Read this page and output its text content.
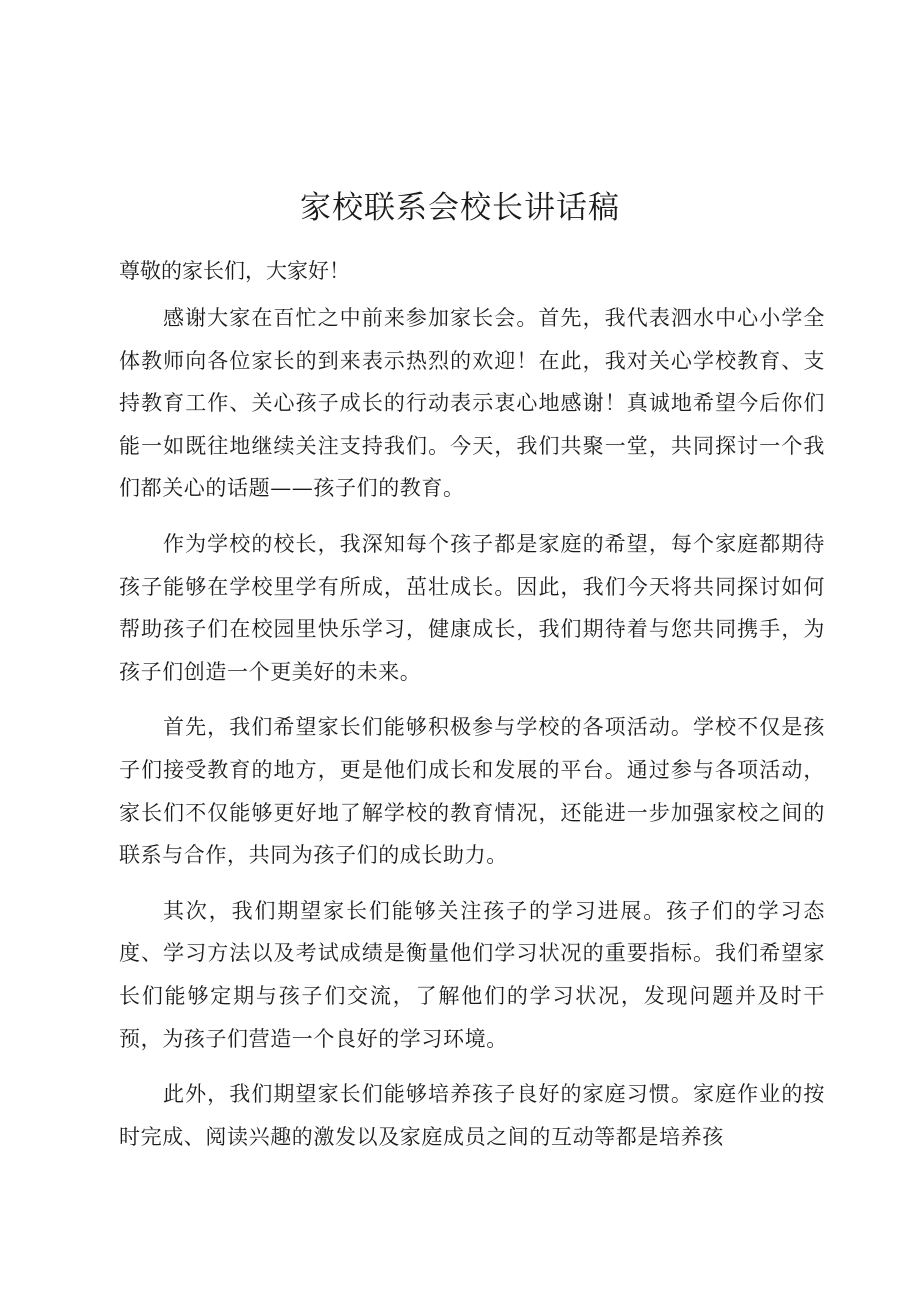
家校联系会校长讲话稿

尊敬的家长们，大家好！

感谢大家在百忙之中前来参加家长会。首先，我代表泗水中心小学全体教师向各位家长的到来表示热烈的欢迎！在此，我对关心学校教育、支持教育工作、关心孩子成长的行动表示衷心地感谢！真诚地希望今后你们能一如既往地继续关注支持我们。今天，我们共聚一堂，共同探讨一个我们都关心的话题——孩子们的教育。

作为学校的校长，我深知每个孩子都是家庭的希望，每个家庭都期待孩子能够在学校里学有所成，茁壮成长。因此，我们今天将共同探讨如何帮助孩子们在校园里快乐学习，健康成长，我们期待着与您共同携手，为孩子们创造一个更美好的未来。

首先，我们希望家长们能够积极参与学校的各项活动。学校不仅是孩子们接受教育的地方，更是他们成长和发展的平台。通过参与各项活动，家长们不仅能够更好地了解学校的教育情况，还能进一步加强家校之间的联系与合作，共同为孩子们的成长助力。

其次，我们期望家长们能够关注孩子的学习进展。孩子们的学习态度、学习方法以及考试成绩是衡量他们学习状况的重要指标。我们希望家长们能够定期与孩子们交流，了解他们的学习状况，发现问题并及时干预，为孩子们营造一个良好的学习环境。

此外，我们期望家长们能够培养孩子良好的家庭习惯。家庭作业的按时完成、阅读兴趣的激发以及家庭成员之间的互动等都是培养孩
